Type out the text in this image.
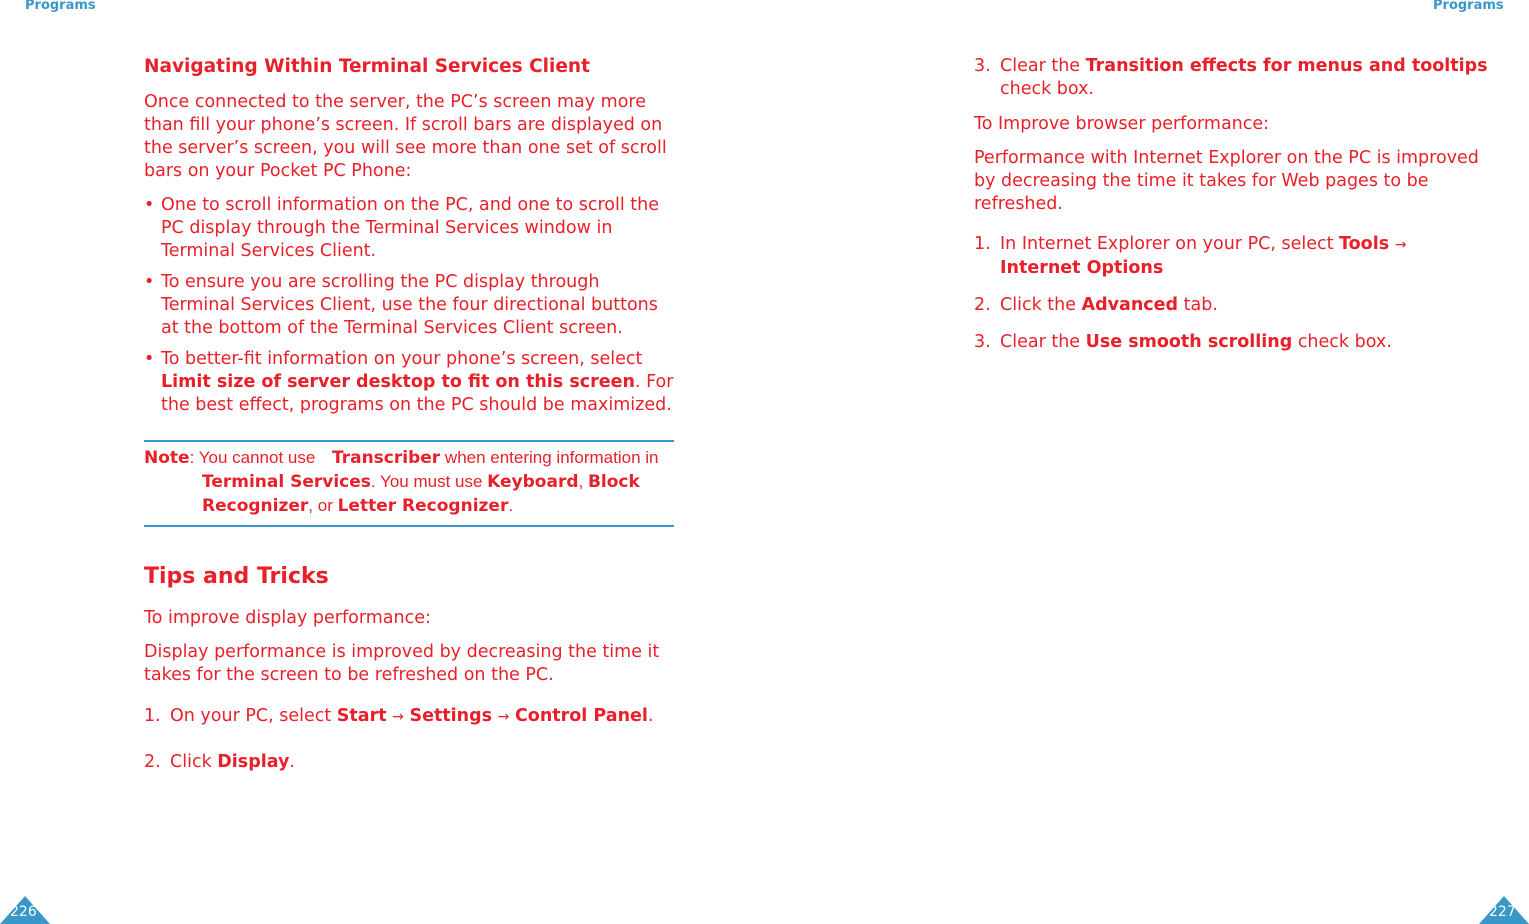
Programs	Programs
Navigating Within Terminal Services Client

Once connected to the server, the PC’s screen may more than fill your phone’s screen. If scroll bars are displayed on the server’s screen, you will see more than one set of scroll bars on your Pocket PC Phone:

• One to scroll information on the PC, and one to scroll the PC display through the Terminal Services window in Terminal Services Client.
• To ensure you are scrolling the PC display through Terminal Services Client, use the four directional buttons at the bottom of the Terminal Services Client screen.
• To better-fit information on your phone’s screen, select Limit size of server desktop to fit on this screen. For the best effect, programs on the PC should be maximized.
Note: You cannot use Transcriber when entering information in Terminal Services. You must use Keyboard, Block Recognizer, or Letter Recognizer.
Tips and Tricks

To improve display performance:

Display performance is improved by decreasing the time it takes for the screen to be refreshed on the PC.

1. On your PC, select Start → Settings → Control Panel.
2. Click Display.
3. Clear the Transition effects for menus and tooltips check box.

To Improve browser performance:

Performance with Internet Explorer on the PC is improved by decreasing the time it takes for Web pages to be refreshed.

1. In Internet Explorer on your PC, select Tools →
Internet Options
2. Click the Advanced tab.
3. Clear the Use smooth scrolling check box.
226	227
